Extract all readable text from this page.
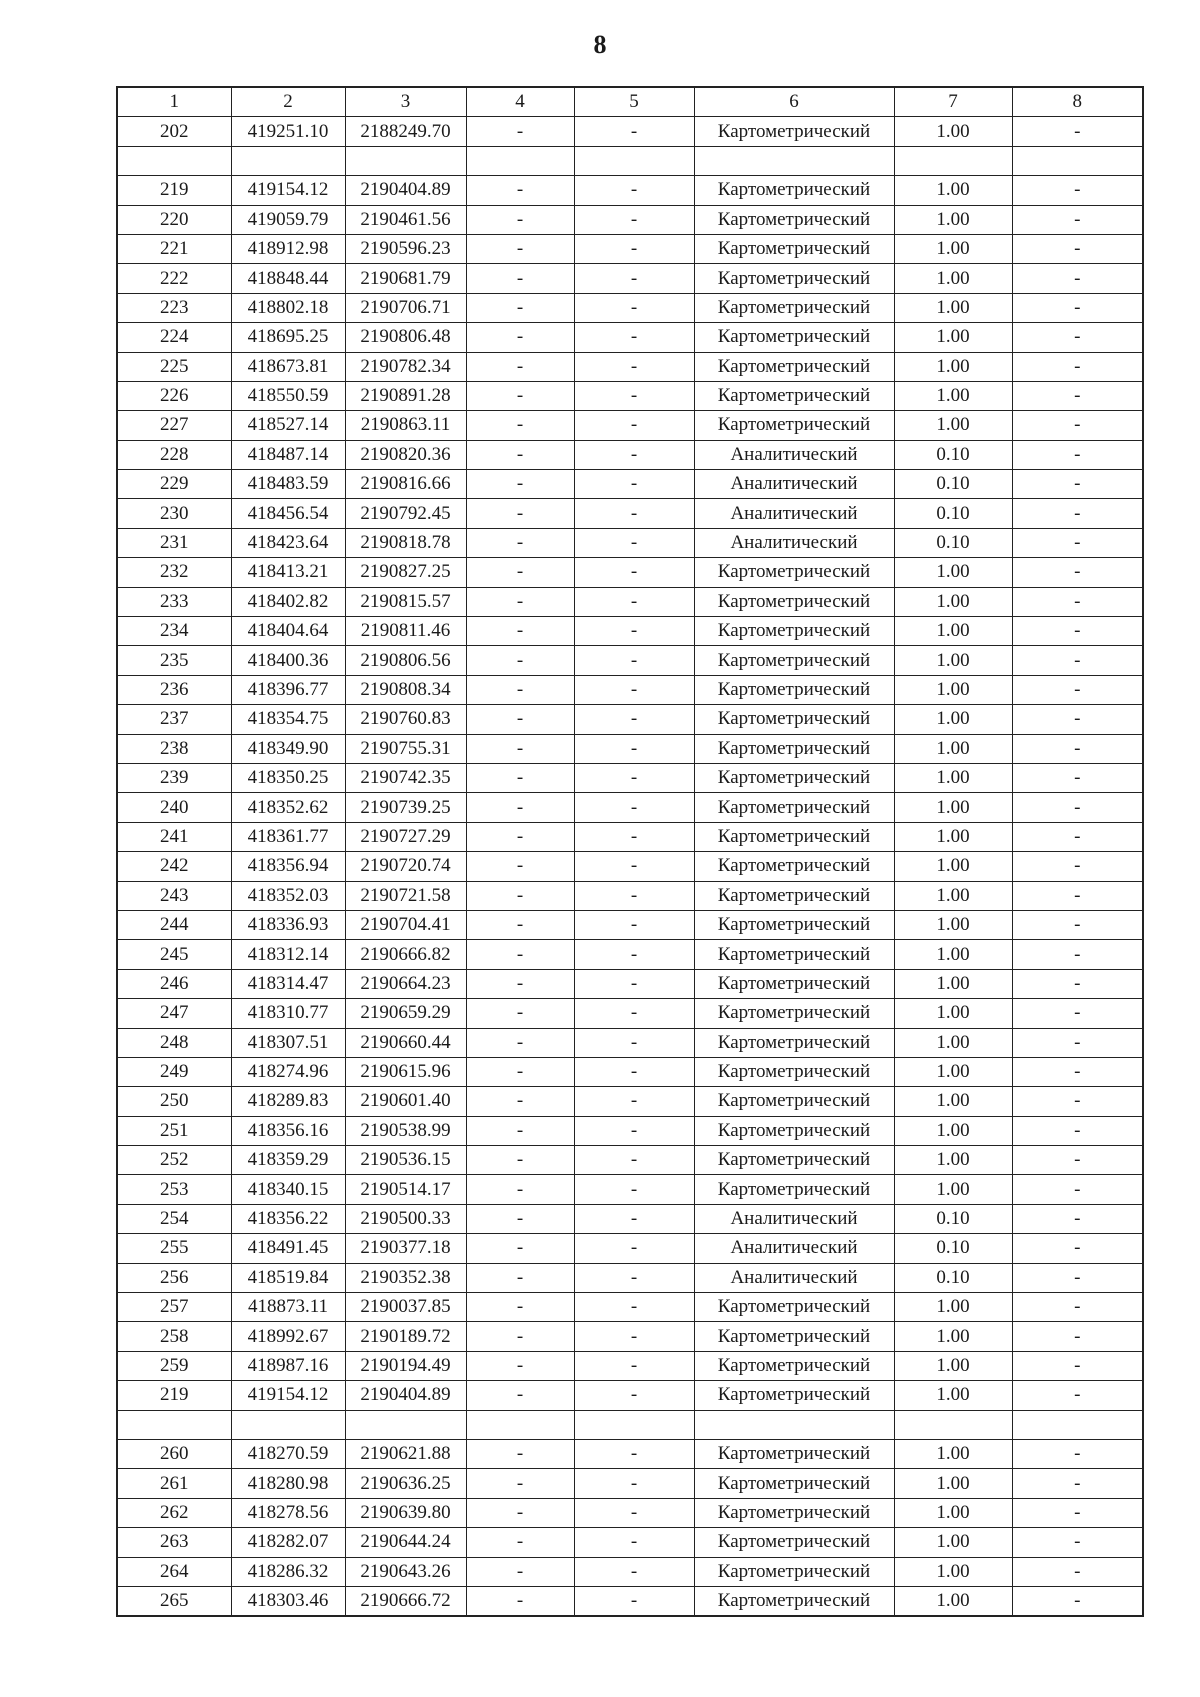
8
1	2	3	4	5	6	7	8
202	419251.10	2188249.70	-	-	Картометрический	1.00	-

219	419154.12	2190404.89	-	-	Картометрический	1.00	-
220	419059.79	2190461.56	-	-	Картометрический	1.00	-
221	418912.98	2190596.23	-	-	Картометрический	1.00	-
222	418848.44	2190681.79	-	-	Картометрический	1.00	-
223	418802.18	2190706.71	-	-	Картометрический	1.00	-
224	418695.25	2190806.48	-	-	Картометрический	1.00	-
225	418673.81	2190782.34	-	-	Картометрический	1.00	-
226	418550.59	2190891.28	-	-	Картометрический	1.00	-
227	418527.14	2190863.11	-	-	Картометрический	1.00	-
228	418487.14	2190820.36	-	-	Аналитический	0.10	-
229	418483.59	2190816.66	-	-	Аналитический	0.10	-
230	418456.54	2190792.45	-	-	Аналитический	0.10	-
231	418423.64	2190818.78	-	-	Аналитический	0.10	-
232	418413.21	2190827.25	-	-	Картометрический	1.00	-
233	418402.82	2190815.57	-	-	Картометрический	1.00	-
234	418404.64	2190811.46	-	-	Картометрический	1.00	-
235	418400.36	2190806.56	-	-	Картометрический	1.00	-
236	418396.77	2190808.34	-	-	Картометрический	1.00	-
237	418354.75	2190760.83	-	-	Картометрический	1.00	-
238	418349.90	2190755.31	-	-	Картометрический	1.00	-
239	418350.25	2190742.35	-	-	Картометрический	1.00	-
240	418352.62	2190739.25	-	-	Картометрический	1.00	-
241	418361.77	2190727.29	-	-	Картометрический	1.00	-
242	418356.94	2190720.74	-	-	Картометрический	1.00	-
243	418352.03	2190721.58	-	-	Картометрический	1.00	-
244	418336.93	2190704.41	-	-	Картометрический	1.00	-
245	418312.14	2190666.82	-	-	Картометрический	1.00	-
246	418314.47	2190664.23	-	-	Картометрический	1.00	-
247	418310.77	2190659.29	-	-	Картометрический	1.00	-
248	418307.51	2190660.44	-	-	Картометрический	1.00	-
249	418274.96	2190615.96	-	-	Картометрический	1.00	-
250	418289.83	2190601.40	-	-	Картометрический	1.00	-
251	418356.16	2190538.99	-	-	Картометрический	1.00	-
252	418359.29	2190536.15	-	-	Картометрический	1.00	-
253	418340.15	2190514.17	-	-	Картометрический	1.00	-
254	418356.22	2190500.33	-	-	Аналитический	0.10	-
255	418491.45	2190377.18	-	-	Аналитический	0.10	-
256	418519.84	2190352.38	-	-	Аналитический	0.10	-
257	418873.11	2190037.85	-	-	Картометрический	1.00	-
258	418992.67	2190189.72	-	-	Картометрический	1.00	-
259	418987.16	2190194.49	-	-	Картометрический	1.00	-
219	419154.12	2190404.89	-	-	Картометрический	1.00	-

260	418270.59	2190621.88	-	-	Картометрический	1.00	-
261	418280.98	2190636.25	-	-	Картометрический	1.00	-
262	418278.56	2190639.80	-	-	Картометрический	1.00	-
263	418282.07	2190644.24	-	-	Картометрический	1.00	-
264	418286.32	2190643.26	-	-	Картометрический	1.00	-
265	418303.46	2190666.72	-	-	Картометрический	1.00	-
